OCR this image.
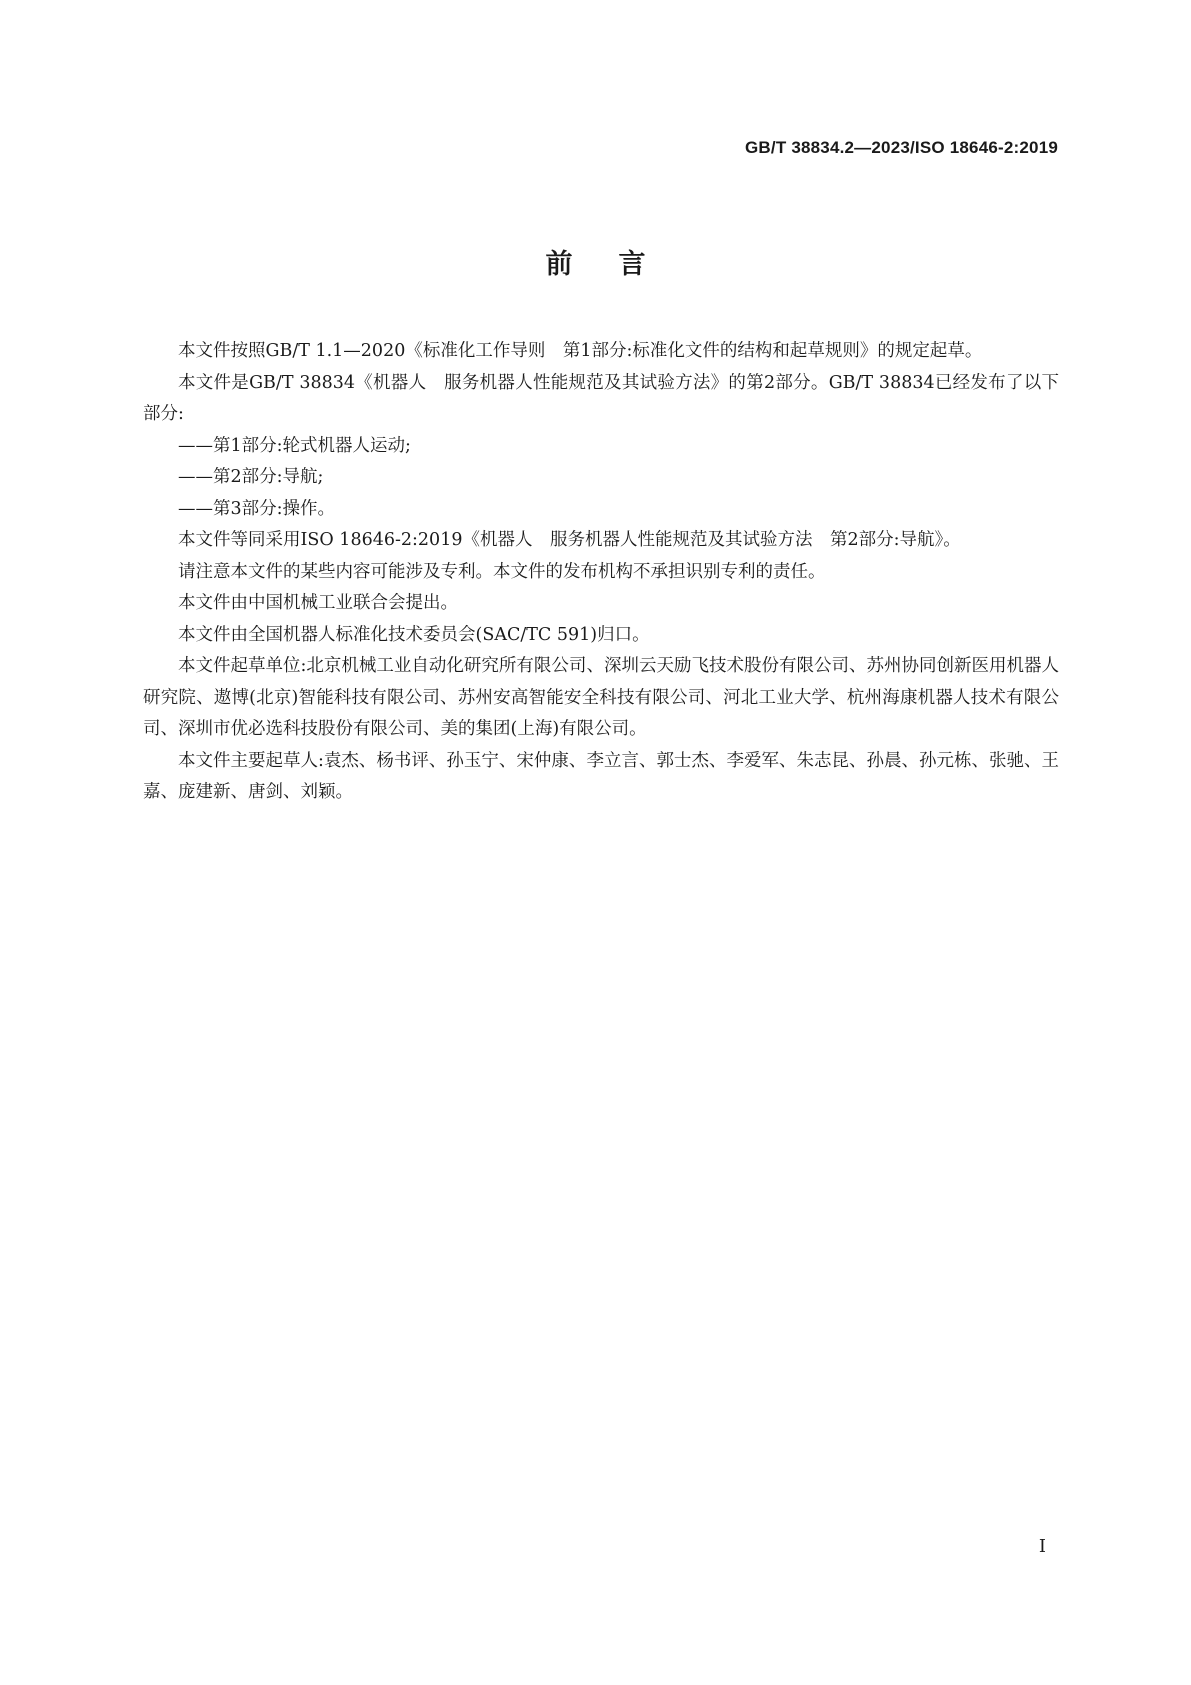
GB/T 38834.2—2023/ISO 18646-2:2019
前言

本文件按照GB/T 1.1—2020《标准化工作导则　第1部分:标准化文件的结构和起草规则》的规定起草。

本文件是GB/T 38834《机器人　服务机器人性能规范及其试验方法》的第2部分。GB/T 38834已经发布了以下部分:

——第1部分:轮式机器人运动;

——第2部分:导航;

——第3部分:操作。

本文件等同采用ISO 18646-2:2019《机器人　服务机器人性能规范及其试验方法　第2部分:导航》。

请注意本文件的某些内容可能涉及专利。本文件的发布机构不承担识别专利的责任。

本文件由中国机械工业联合会提出。

本文件由全国机器人标准化技术委员会(SAC/TC 591)归口。

本文件起草单位:北京机械工业自动化研究所有限公司、深圳云天励飞技术股份有限公司、苏州协同创新医用机器人研究院、遨博(北京)智能科技有限公司、苏州安高智能安全科技有限公司、河北工业大学、杭州海康机器人技术有限公司、深圳市优必选科技股份有限公司、美的集团(上海)有限公司。

本文件主要起草人:袁杰、杨书评、孙玉宁、宋仲康、李立言、郭士杰、李爱军、朱志昆、孙晨、孙元栋、张驰、王嘉、庞建新、唐剑、刘颖。

I
